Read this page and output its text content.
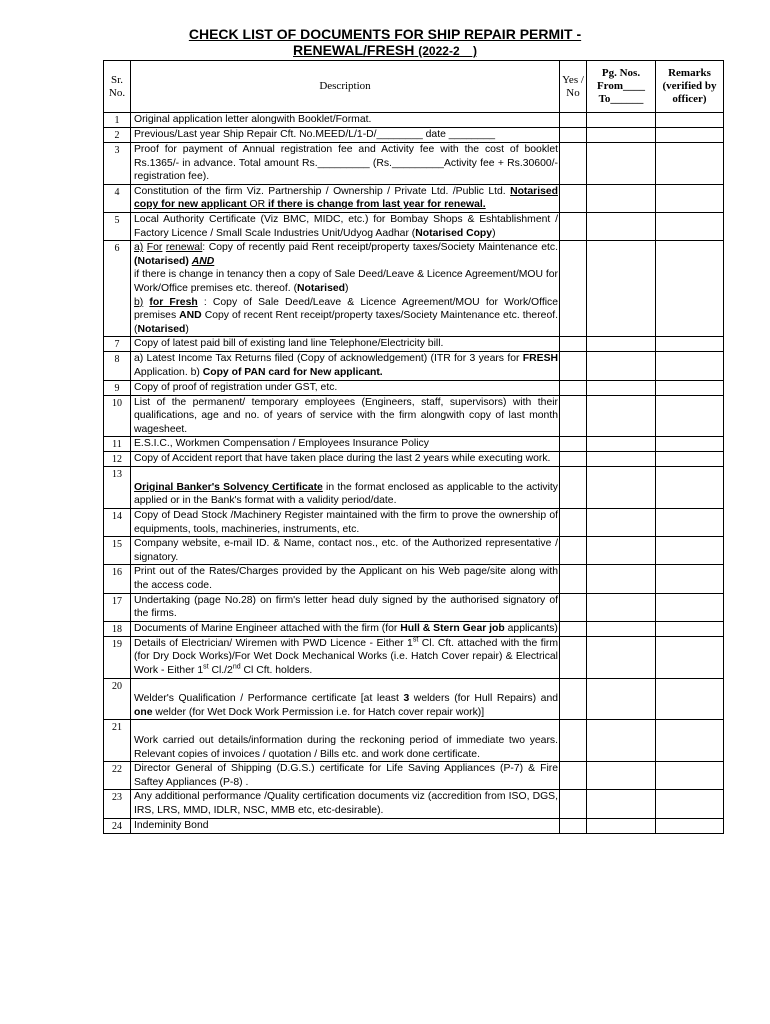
CHECK LIST OF DOCUMENTS FOR SHIP REPAIR PERMIT -
RENEWAL/FRESH (2022-2__)
Sr. No.	Description	Yes / No	Pg. Nos. From____ To______	Remarks (verified by officer)
1	Original application letter alongwith Booklet/Format.			
2	Previous/Last year Ship Repair Cft. No.MEED/L/1-D/________ date ________			
3	Proof for payment of Annual registration fee and Activity fee with the cost of booklet Rs.1365/- in advance. Total amount Rs._________ (Rs._________Activity fee + Rs.30600/- registration fee).			
4	Constitution of the firm Viz. Partnership / Ownership / Private Ltd. /Public Ltd. Notarised copy for new applicant OR if there is change from last year for renewal.			
5	Local Authority Certificate (Viz BMC, MIDC, etc.) for Bombay Shops & Eshtablishment / Factory Licence / Small Scale Industries Unit/Udyog Aadhar (Notarised Copy)			
6	a) For renewal: Copy of recently paid Rent receipt/property taxes/Society Maintenance etc.(Notarised) AND
if there is change in tenancy then a copy of Sale Deed/Leave & Licence Agreement/MOU for Work/Office premises etc. thereof. (Notarised)
b) for Fresh : Copy of Sale Deed/Leave & Licence Agreement/MOU for Work/Office premises AND Copy of recent Rent receipt/property taxes/Society Maintenance etc. thereof. (Notarised)			
7	Copy of latest paid bill of existing land line Telephone/Electricity bill.			
8	a) Latest Income Tax Returns filed (Copy of acknowledgement) (ITR for 3 years for FRESH Application. b) Copy of PAN card for New applicant.			
9	Copy of proof of registration under GST, etc.			
10	List of the permanent/ temporary employees (Engineers, staff, supervisors) with their qualifications, age and no. of years of service with the firm alongwith copy of last month wagesheet.			
11	E.S.I.C., Workmen Compensation / Employees Insurance Policy			
12	Copy of Accident report that have taken place during the last 2 years while executing work.			
13	Original Banker's Solvency Certificate in the format enclosed as applicable to the activity applied or in the Bank's format with a validity period/date.			
14	Copy of Dead Stock /Machinery Register maintained with the firm to prove the ownership of equipments, tools, machineries, instruments, etc.			
15	Company website, e-mail ID. & Name, contact nos., etc. of the Authorized representative / signatory.			
16	Print out of the Rates/Charges provided by the Applicant on his Web page/site along with the access code.			
17	Undertaking (page No.28) on firm's letter head duly signed by the authorised signatory of the firms.			
18	Documents of Marine Engineer attached with the firm (for Hull & Stern Gear job applicants)			
19	Details of Electrician/ Wiremen with PWD Licence - Either 1st Cl. Cft. attached with the firm (for Dry Dock Works)/For Wet Dock Mechanical Works (i.e. Hatch Cover repair) & Electrical Work - Either 1st Cl./2nd Cl Cft. holders.			
20	Welder's Qualification / Performance certificate [at least 3 welders (for Hull Repairs) and one welder (for Wet Dock Work Permission i.e. for Hatch cover repair work)]			
21	Work carried out details/information during the reckoning period of immediate two years. Relevant copies of invoices / quotation / Bills etc. and work done certificate.			
22	Director General of Shipping (D.G.S.) certificate for Life Saving Appliances (P-7) & Fire Saftey Appliances (P-8) .			
23	Any additional performance /Quality certification documents viz (accredition from ISO, DGS, IRS, LRS, MMD, IDLR, NSC, MMB etc, etc-desirable).			
24	Indeminity Bond			
